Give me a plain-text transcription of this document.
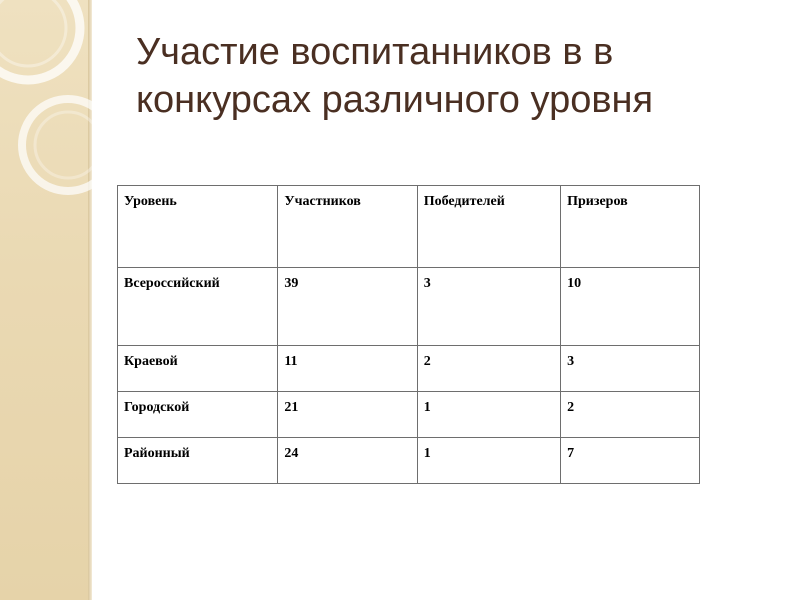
Участие воспитанников в в
конкурсах различного уровня
Уровень	Участников	Победителей	Призеров
Всероссийский	39	3	10
Краевой	11	2	3
Городской	21	1	2
Районный	24	1	7
